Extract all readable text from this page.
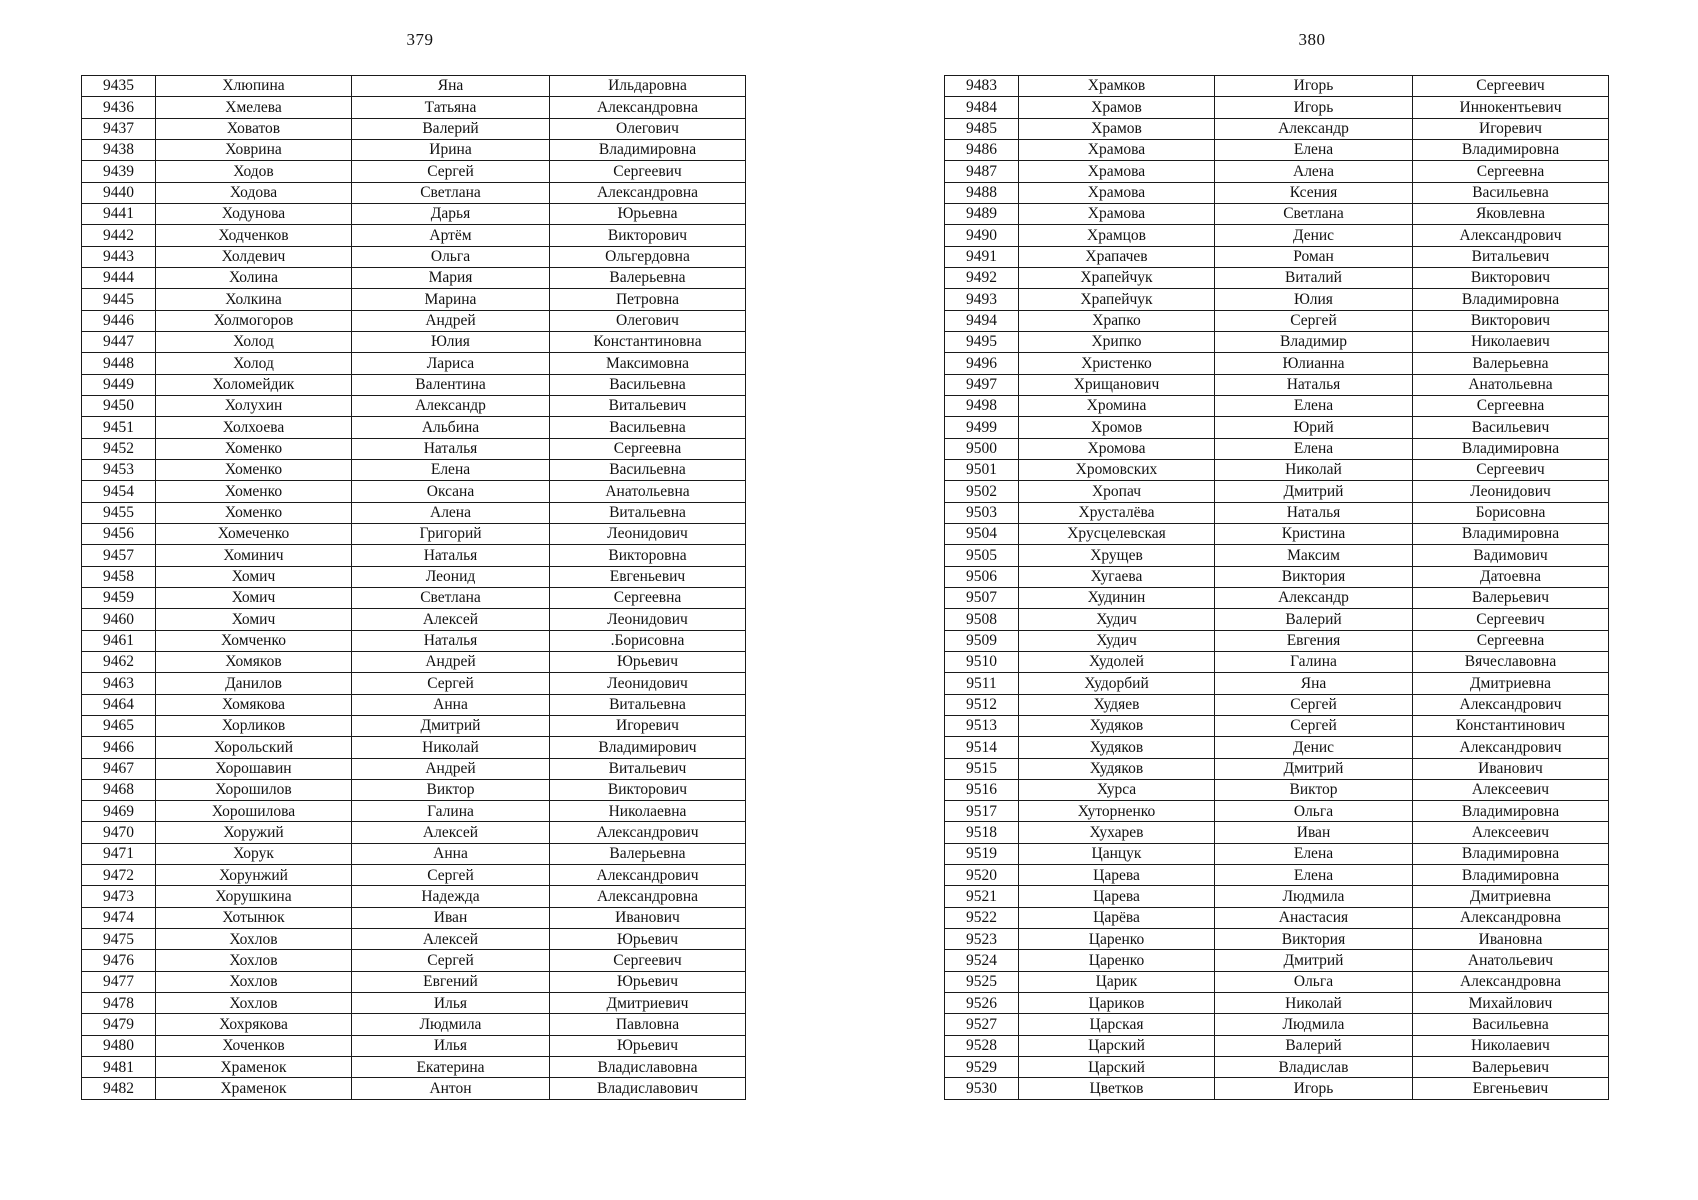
379	380
9435	Хлюпина	Яна	Ильдаровна
9436	Хмелева	Татьяна	Александровна
9437	Ховатов	Валерий	Олегович
9438	Ховрина	Ирина	Владимировна
9439	Ходов	Сергей	Сергеевич
9440	Ходова	Светлана	Александровна
9441	Ходунова	Дарья	Юрьевна
9442	Ходченков	Артём	Викторович
9443	Холдевич	Ольга	Ольгердовна
9444	Холина	Мария	Валерьевна
9445	Холкина	Марина	Петровна
9446	Холмогоров	Андрей	Олегович
9447	Холод	Юлия	Константиновна
9448	Холод	Лариса	Максимовна
9449	Холомейдик	Валентина	Васильевна
9450	Холухин	Александр	Витальевич
9451	Холхоева	Альбина	Васильевна
9452	Хоменко	Наталья	Сергеевна
9453	Хоменко	Елена	Васильевна
9454	Хоменко	Оксана	Анатольевна
9455	Хоменко	Алена	Витальевна
9456	Хомеченко	Григорий	Леонидович
9457	Хоминич	Наталья	Викторовна
9458	Хомич	Леонид	Евгеньевич
9459	Хомич	Светлана	Сергеевна
9460	Хомич	Алексей	Леонидович
9461	Хомченко	Наталья	.Борисовна
9462	Хомяков	Андрей	Юрьевич
9463	Данилов	Сергей	Леонидович
9464	Хомякова	Анна	Витальевна
9465	Хорликов	Дмитрий	Игоревич
9466	Хорольский	Николай	Владимирович
9467	Хорошавин	Андрей	Витальевич
9468	Хорошилов	Виктор	Викторович
9469	Хорошилова	Галина	Николаевна
9470	Хоружий	Алексей	Александрович
9471	Хорук	Анна	Валерьевна
9472	Хорунжий	Сергей	Александрович
9473	Хорушкина	Надежда	Александровна
9474	Хотынюк	Иван	Иванович
9475	Хохлов	Алексей	Юрьевич
9476	Хохлов	Сергей	Сергеевич
9477	Хохлов	Евгений	Юрьевич
9478	Хохлов	Илья	Дмитриевич
9479	Хохрякова	Людмила	Павловна
9480	Хоченков	Илья	Юрьевич
9481	Храменок	Екатерина	Владиславовна
9482	Храменок	Антон	Владиславович
9483	Храмков	Игорь	Сергеевич
9484	Храмов	Игорь	Иннокентьевич
9485	Храмов	Александр	Игоревич
9486	Храмова	Елена	Владимировна
9487	Храмова	Алена	Сергеевна
9488	Храмова	Ксения	Васильевна
9489	Храмова	Светлана	Яковлевна
9490	Храмцов	Денис	Александрович
9491	Храпачев	Роман	Витальевич
9492	Храпейчук	Виталий	Викторович
9493	Храпейчук	Юлия	Владимировна
9494	Храпко	Сергей	Викторович
9495	Хрипко	Владимир	Николаевич
9496	Христенко	Юлианна	Валерьевна
9497	Хрищанович	Наталья	Анатольевна
9498	Хромина	Елена	Сергеевна
9499	Хромов	Юрий	Васильевич
9500	Хромова	Елена	Владимировна
9501	Хромовских	Николай	Сергеевич
9502	Хропач	Дмитрий	Леонидович
9503	Хрусталёва	Наталья	Борисовна
9504	Хрусцелевская	Кристина	Владимировна
9505	Хрущев	Максим	Вадимович
9506	Хугаева	Виктория	Датоевна
9507	Худинин	Александр	Валерьевич
9508	Худич	Валерий	Сергеевич
9509	Худич	Евгения	Сергеевна
9510	Худолей	Галина	Вячеславовна
9511	Худорбий	Яна	Дмитриевна
9512	Худяев	Сергей	Александрович
9513	Худяков	Сергей	Константинович
9514	Худяков	Денис	Александрович
9515	Худяков	Дмитрий	Иванович
9516	Хурса	Виктор	Алексеевич
9517	Хуторненко	Ольга	Владимировна
9518	Хухарев	Иван	Алексеевич
9519	Цанцук	Елена	Владимировна
9520	Царева	Елена	Владимировна
9521	Царева	Людмила	Дмитриевна
9522	Царёва	Анастасия	Александровна
9523	Царенко	Виктория	Ивановна
9524	Царенко	Дмитрий	Анатольевич
9525	Царик	Ольга	Александровна
9526	Цариков	Николай	Михайлович
9527	Царская	Людмила	Васильевна
9528	Царский	Валерий	Николаевич
9529	Царский	Владислав	Валерьевич
9530	Цветков	Игорь	Евгеньевич
